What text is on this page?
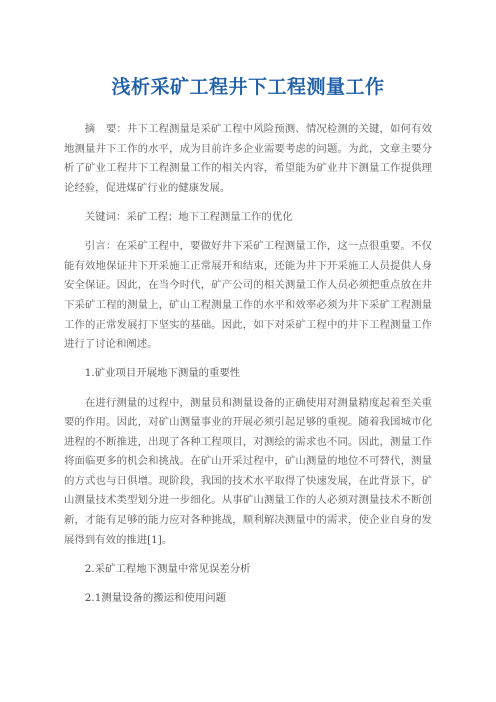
浅析采矿工程井下工程测量工作

摘　要：井下工程测量是采矿工程中风险预测、情况检测的关键，如何有效地测量井下工作的水平，成为目前许多企业需要考虑的问题。为此，文章主要分析了矿业工程井下工程测量工作的相关内容，希望能为矿业井下测量工作提供理论经验，促进煤矿行业的健康发展。

关键词：采矿工程；地下工程测量工作的优化

引言：在采矿工程中，要做好井下采矿工程测量工作，这一点很重要。不仅能有效地保证井下开采施工正常展开和结束，还能为井下开采施工人员提供人身安全保证。因此，在当今时代，矿产公司的相关测量工作人员必须把重点放在井下采矿工程的测量上，矿山工程测量工作的水平和效率必须为井下采矿工程测量工作的正常发展打下坚实的基础。因此，如下对采矿工程中的井下工程测量工作进行了讨论和阐述。

1.矿业项目开展地下测量的重要性

在进行测量的过程中，测量员和测量设备的正确使用对测量精度起着至关重要的作用。因此，对矿山测量事业的开展必须引起足够的重视。随着我国城市化进程的不断推进，出现了各种工程项目，对测绘的需求也不同。因此，测量工作将面临更多的机会和挑战。在矿山开采过程中，矿山测量的地位不可替代，测量的方式也与日俱增。现阶段，我国的技术水平取得了快速发展，在此背景下，矿山测量技术类型划分进一步细化。从事矿山测量工作的人必须对测量技术不断创新，才能有足够的能力应对各种挑战，顺利解决测量中的需求，使企业自身的发展得到有效的推进[1]。

2.采矿工程地下测量中常见误差分析

2.1测量设备的搬运和使用问题
